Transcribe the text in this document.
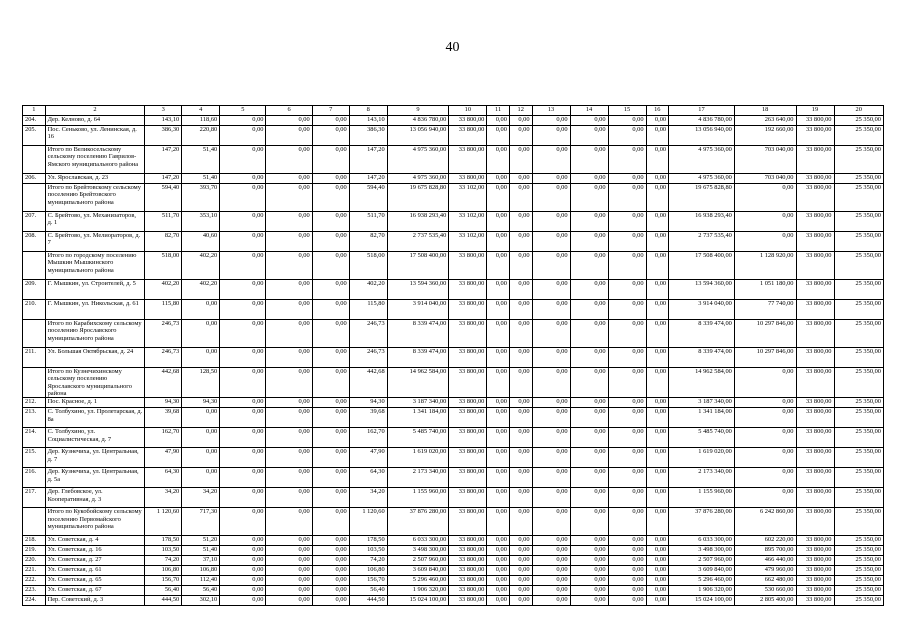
40
1	2	3	4	5	6	7	8	9	10	11	12	13	14	15	16	17	18	19	20
204.	Дер. Келново, д. 64	143,10	118,60	0,00	0,00	0,00	143,10	4 836 780,00	33 800,00	0,00	0,00	0,00	0,00	0,00	0,00	4 836 780,00	263 640,00	33 800,00	25 350,00
205.	Пос. Сеньково, ул. Ленинская, д. 16	386,30	220,80	0,00	0,00	0,00	386,30	13 056 940,00	33 800,00	0,00	0,00	0,00	0,00	0,00	0,00	13 056 940,00	192 660,00	33 800,00	25 350,00
	Итого по Великосельскому сельскому поселению Гаврилов-Ямского муниципального района	147,20	51,40	0,00	0,00	0,00	147,20	4 975 360,00	33 800,00	0,00	0,00	0,00	0,00	0,00	0,00	4 975 360,00	703 040,00	33 800,00	25 350,00
206.	Ул. Ярославская, д. 23	147,20	51,40	0,00	0,00	0,00	147,20	4 975 360,00	33 800,00	0,00	0,00	0,00	0,00	0,00	0,00	4 975 360,00	703 040,00	33 800,00	25 350,00
	Итого по Брейтовскому сельскому поселению Брейтовского муниципального района	594,40	393,70	0,00	0,00	0,00	594,40	19 675 828,80	33 102,00	0,00	0,00	0,00	0,00	0,00	0,00	19 675 828,80	0,00	33 800,00	25 350,00
207.	С. Брейтово, ул. Механизаторов, д. 1	511,70	353,10	0,00	0,00	0,00	511,70	16 938 293,40	33 102,00	0,00	0,00	0,00	0,00	0,00	0,00	16 938 293,40	0,00	33 800,00	25 350,00
208.	С. Брейтово, ул. Мелиораторов, д. 7	82,70	40,60	0,00	0,00	0,00	82,70	2 737 535,40	33 102,00	0,00	0,00	0,00	0,00	0,00	0,00	2 737 535,40	0,00	33 800,00	25 350,00
	Итого по городскому поселению Мышкин Мышкинского муниципального района	518,00	402,20	0,00	0,00	0,00	518,00	17 508 400,00	33 800,00	0,00	0,00	0,00	0,00	0,00	0,00	17 508 400,00	1 128 920,00	33 800,00	25 350,00
209.	Г. Мышкин, ул. Строителей, д. 5	402,20	402,20	0,00	0,00	0,00	402,20	13 594 360,00	33 800,00	0,00	0,00	0,00	0,00	0,00	0,00	13 594 360,00	1 051 180,00	33 800,00	25 350,00
210.	Г. Мышкин, ул. Никольская, д. 61	115,80	0,00	0,00	0,00	0,00	115,80	3 914 040,00	33 800,00	0,00	0,00	0,00	0,00	0,00	0,00	3 914 040,00	77 740,00	33 800,00	25 350,00
	Итого по Карабихскому сельскому поселению Ярославского муниципального района	246,73	0,00	0,00	0,00	0,00	246,73	8 339 474,00	33 800,00	0,00	0,00	0,00	0,00	0,00	0,00	8 339 474,00	10 297 846,00	33 800,00	25 350,00
211.	Ул. Большая Октябрьская, д. 24	246,73	0,00	0,00	0,00	0,00	246,73	8 339 474,00	33 800,00	0,00	0,00	0,00	0,00	0,00	0,00	8 339 474,00	10 297 846,00	33 800,00	25 350,00
	Итого по Кузнечихинскому сельскому поселению Ярославского муниципального района	442,68	128,50	0,00	0,00	0,00	442,68	14 962 584,00	33 800,00	0,00	0,00	0,00	0,00	0,00	0,00	14 962 584,00	0,00	33 800,00	25 350,00
212.	Пос. Красное, д. 1	94,30	94,30	0,00	0,00	0,00	94,30	3 187 340,00	33 800,00	0,00	0,00	0,00	0,00	0,00	0,00	3 187 340,00	0,00	33 800,00	25 350,00
213.	С. Толбухино, ул. Пролетарская, д. 8а	39,68	0,00	0,00	0,00	0,00	39,68	1 341 184,00	33 800,00	0,00	0,00	0,00	0,00	0,00	0,00	1 341 184,00	0,00	33 800,00	25 350,00
214.	С. Толбухино, ул. Социалистическая, д. 7	162,70	0,00	0,00	0,00	0,00	162,70	5 485 740,00	33 800,00	0,00	0,00	0,00	0,00	0,00	0,00	5 485 740,00	0,00	33 800,00	25 350,00
215.	Дер. Кузнечиха, ул. Центральная, д. 7	47,90	0,00	0,00	0,00	0,00	47,90	1 619 020,00	33 800,00	0,00	0,00	0,00	0,00	0,00	0,00	1 619 020,00	0,00	33 800,00	25 350,00
216.	Дер. Кузнечиха, ул. Центральная, д. 5а	64,30	0,00	0,00	0,00	0,00	64,30	2 173 340,00	33 800,00	0,00	0,00	0,00	0,00	0,00	0,00	2 173 340,00	0,00	33 800,00	25 350,00
217.	Дер. Глебовское, ул. Кооперативная, д. 3	34,20	34,20	0,00	0,00	0,00	34,20	1 155 960,00	33 800,00	0,00	0,00	0,00	0,00	0,00	0,00	1 155 960,00	0,00	33 800,00	25 350,00
	Итого по Кукобойскому сельскому поселению Первомайского муниципального района	1 120,60	717,30	0,00	0,00	0,00	1 120,60	37 876 280,00	33 800,00	0,00	0,00	0,00	0,00	0,00	0,00	37 876 280,00	6 242 860,00	33 800,00	25 350,00
218.	Ул. Советская, д. 4	178,50	51,20	0,00	0,00	0,00	178,50	6 033 300,00	33 800,00	0,00	0,00	0,00	0,00	0,00	0,00	6 033 300,00	602 220,00	33 800,00	25 350,00
219.	Ул. Советская, д. 16	103,50	51,40	0,00	0,00	0,00	103,50	3 498 300,00	33 800,00	0,00	0,00	0,00	0,00	0,00	0,00	3 498 300,00	895 700,00	33 800,00	25 350,00
220.	Ул. Советская, д. 27	74,20	37,10	0,00	0,00	0,00	74,20	2 507 960,00	33 800,00	0,00	0,00	0,00	0,00	0,00	0,00	2 507 960,00	466 440,00	33 800,00	25 350,00
221.	Ул. Советская, д. 61	106,80	106,80	0,00	0,00	0,00	106,80	3 609 840,00	33 800,00	0,00	0,00	0,00	0,00	0,00	0,00	3 609 840,00	479 960,00	33 800,00	25 350,00
222.	Ул. Советская, д. 65	156,70	112,40	0,00	0,00	0,00	156,70	5 296 460,00	33 800,00	0,00	0,00	0,00	0,00	0,00	0,00	5 296 460,00	662 480,00	33 800,00	25 350,00
223.	Ул. Советская, д. 67	56,40	56,40	0,00	0,00	0,00	56,40	1 906 320,00	33 800,00	0,00	0,00	0,00	0,00	0,00	0,00	1 906 320,00	530 660,00	33 800,00	25 350,00
224.	Пер. Советский, д. 3	444,50	302,10	0,00	0,00	0,00	444,50	15 024 100,00	33 800,00	0,00	0,00	0,00	0,00	0,00	0,00	15 024 100,00	2 805 400,00	33 800,00	25 350,00
